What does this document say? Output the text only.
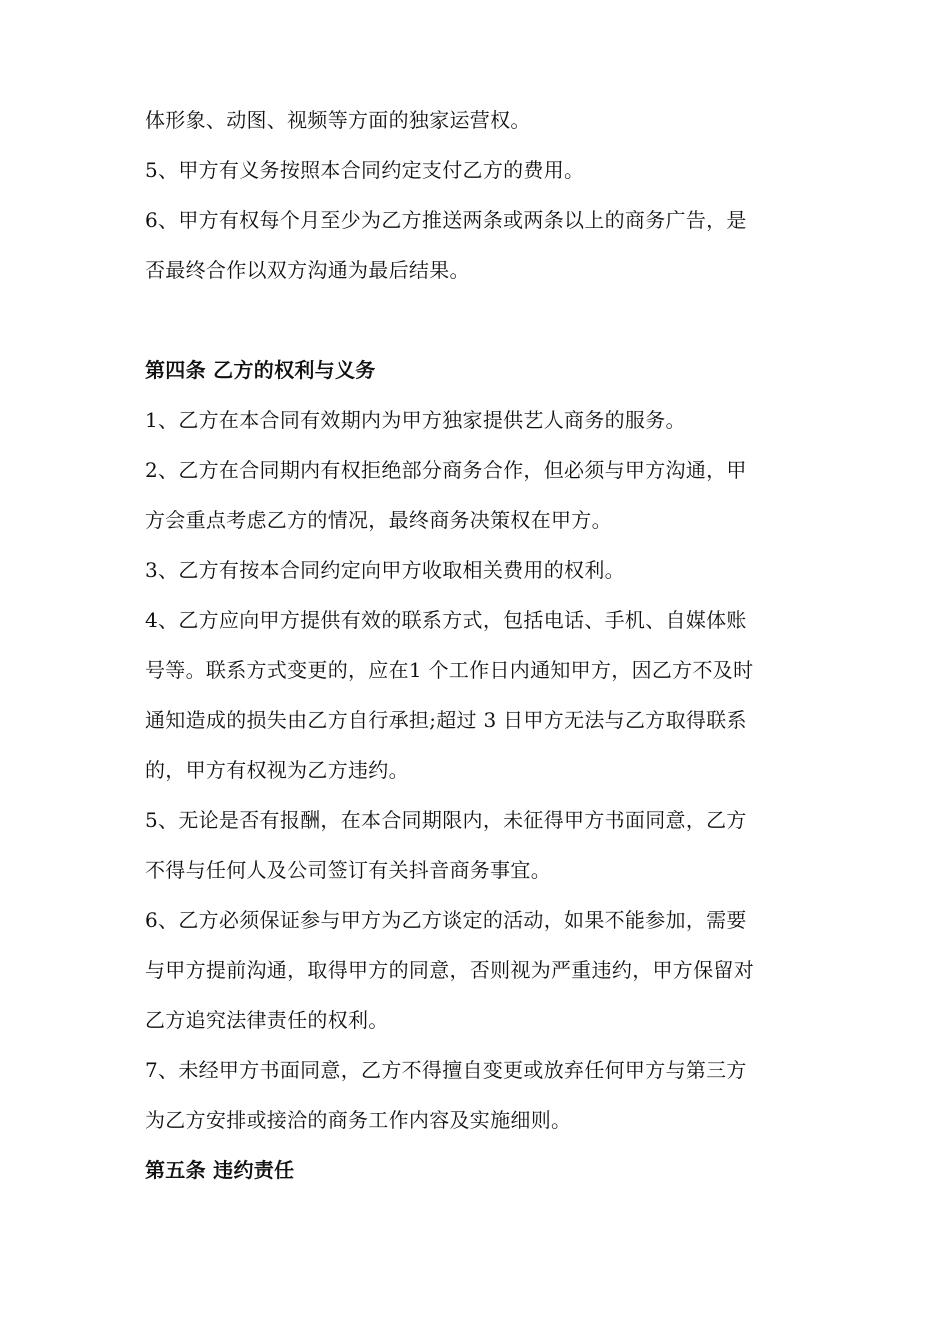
体形象、动图、视频等方面的独家运营权。
5、甲方有义务按照本合同约定支付乙方的费用。
6、甲方有权每个月至少为乙方推送两条或两条以上的商务广告，是
否最终合作以双方沟通为最后结果。
第四条 乙方的权利与义务
1、乙方在本合同有效期内为甲方独家提供艺人商务的服务。
2、乙方在合同期内有权拒绝部分商务合作，但必须与甲方沟通，甲
方会重点考虑乙方的情况，最终商务决策权在甲方。
3、乙方有按本合同约定向甲方收取相关费用的权利。
4、乙方应向甲方提供有效的联系方式，包括电话、手机、自媒体账
号等。联系方式变更的，应在1 个工作日内通知甲方，因乙方不及时
通知造成的损失由乙方自行承担;超过 3 日甲方无法与乙方取得联系
的，甲方有权视为乙方违约。
5、无论是否有报酬，在本合同期限内，未征得甲方书面同意，乙方
不得与任何人及公司签订有关抖音商务事宜。
6、乙方必须保证参与甲方为乙方谈定的活动，如果不能参加，需要
与甲方提前沟通，取得甲方的同意，否则视为严重违约，甲方保留对
乙方追究法律责任的权利。
7、未经甲方书面同意，乙方不得擅自变更或放弃任何甲方与第三方
为乙方安排或接洽的商务工作内容及实施细则。
第五条 违约责任
